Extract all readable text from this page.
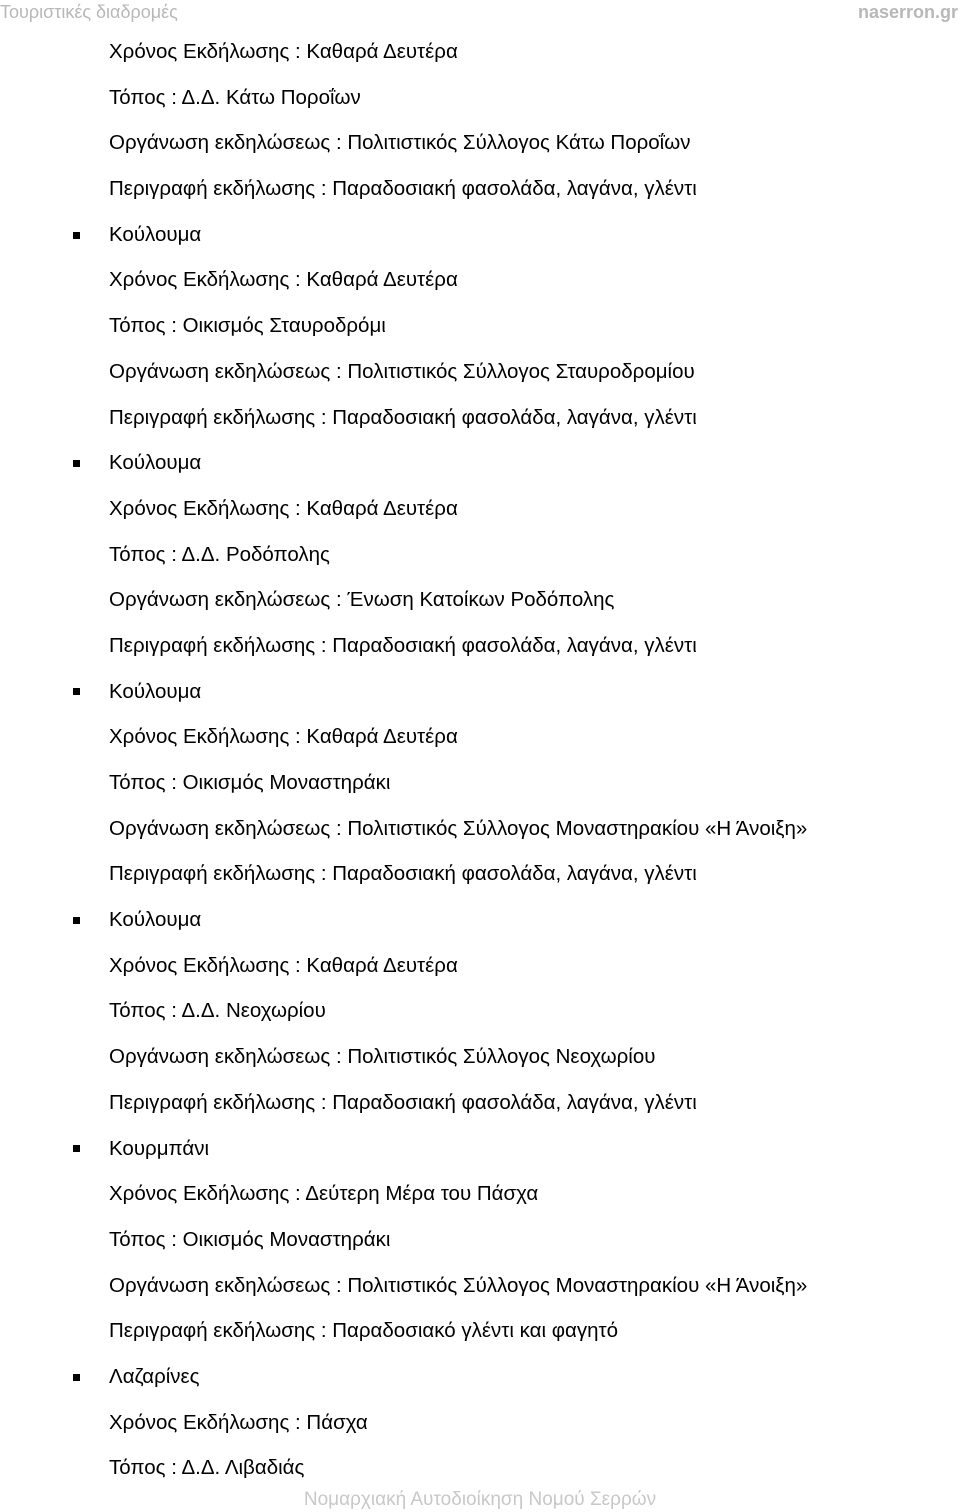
Τουριστικές διαδρομές	naserron.gr
Χρόνος Εκδήλωσης : Καθαρά Δευτέρα
Τόπος : Δ.Δ. Κάτω Ποροΐων
Οργάνωση εκδηλώσεως : Πολιτιστικός Σύλλογος Κάτω Ποροΐων
Περιγραφή εκδήλωσης : Παραδοσιακή φασολάδα, λαγάνα, γλέντι
Κούλουμα
Χρόνος Εκδήλωσης : Καθαρά Δευτέρα
Τόπος : Οικισμός Σταυροδρόμι
Οργάνωση εκδηλώσεως : Πολιτιστικός Σύλλογος Σταυροδρομίου
Περιγραφή εκδήλωσης : Παραδοσιακή φασολάδα, λαγάνα, γλέντι
Κούλουμα
Χρόνος Εκδήλωσης : Καθαρά Δευτέρα
Τόπος : Δ.Δ. Ροδόπολης
Οργάνωση εκδηλώσεως : Ένωση Κατοίκων Ροδόπολης
Περιγραφή εκδήλωσης : Παραδοσιακή φασολάδα, λαγάνα, γλέντι
Κούλουμα
Χρόνος Εκδήλωσης : Καθαρά Δευτέρα
Τόπος : Οικισμός Μοναστηράκι
Οργάνωση εκδηλώσεως : Πολιτιστικός Σύλλογος Μοναστηρακίου «Η Άνοιξη»
Περιγραφή εκδήλωσης : Παραδοσιακή φασολάδα, λαγάνα, γλέντι
Κούλουμα
Χρόνος Εκδήλωσης : Καθαρά Δευτέρα
Τόπος : Δ.Δ. Νεοχωρίου
Οργάνωση εκδηλώσεως : Πολιτιστικός Σύλλογος Νεοχωρίου
Περιγραφή εκδήλωσης : Παραδοσιακή φασολάδα, λαγάνα, γλέντι
Κουρμπάνι
Χρόνος Εκδήλωσης : Δεύτερη Μέρα του Πάσχα
Τόπος : Οικισμός Μοναστηράκι
Οργάνωση εκδηλώσεως : Πολιτιστικός Σύλλογος Μοναστηρακίου «Η Άνοιξη»
Περιγραφή εκδήλωσης : Παραδοσιακό γλέντι και φαγητό
Λαζαρίνες
Χρόνος Εκδήλωσης : Πάσχα
Τόπος : Δ.Δ. Λιβαδιάς
Νομαρχιακή Αυτοδιοίκηση Νομού Σερρών
